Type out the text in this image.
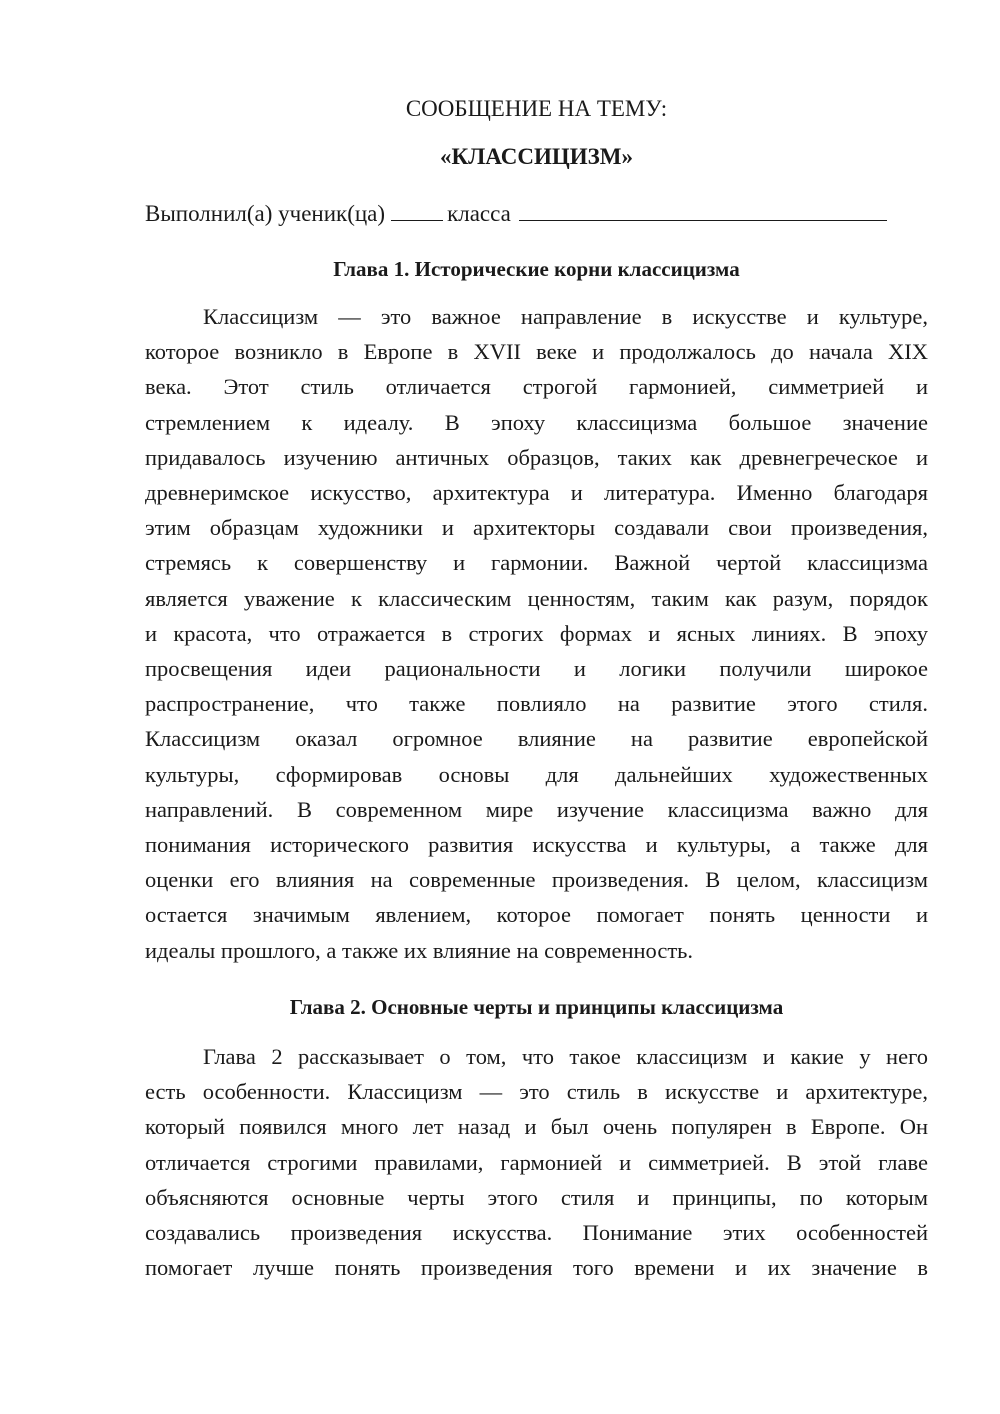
СООБЩЕНИЕ НА ТЕМУ:
«КЛАССИЦИЗМ»
Выполнил(а) ученик(ца)	класса
Глава 1. Исторические корни классицизма
Классицизм — это важное направление в искусстве и культуре,
которое возникло в Европе в XVII веке и продолжалось до начала XIX
века. Этот стиль отличается строгой гармонией, симметрией и
стремлением к идеалу. В эпоху классицизма большое значение
придавалось изучению античных образцов, таких как древнегреческое и
древнеримское искусство, архитектура и литература. Именно благодаря
этим образцам художники и архитекторы создавали свои произведения,
стремясь к совершенству и гармонии. Важной чертой классицизма
является уважение к классическим ценностям, таким как разум, порядок
и красота, что отражается в строгих формах и ясных линиях. В эпоху
просвещения идеи рациональности и логики получили широкое
распространение, что также повлияло на развитие этого стиля.
Классицизм оказал огромное влияние на развитие европейской
культуры, сформировав основы для дальнейших художественных
направлений. В современном мире изучение классицизма важно для
понимания исторического развития искусства и культуры, а также для
оценки его влияния на современные произведения. В целом, классицизм
остается значимым явлением, которое помогает понять ценности и
идеалы прошлого, а также их влияние на современность.
Глава 2. Основные черты и принципы классицизма
Глава 2 рассказывает о том, что такое классицизм и какие у него
есть особенности. Классицизм — это стиль в искусстве и архитектуре,
который появился много лет назад и был очень популярен в Европе. Он
отличается строгими правилами, гармонией и симметрией. В этой главе
объясняются основные черты этого стиля и принципы, по которым
создавались произведения искусства. Понимание этих особенностей
помогает лучше понять произведения того времени и их значение в
